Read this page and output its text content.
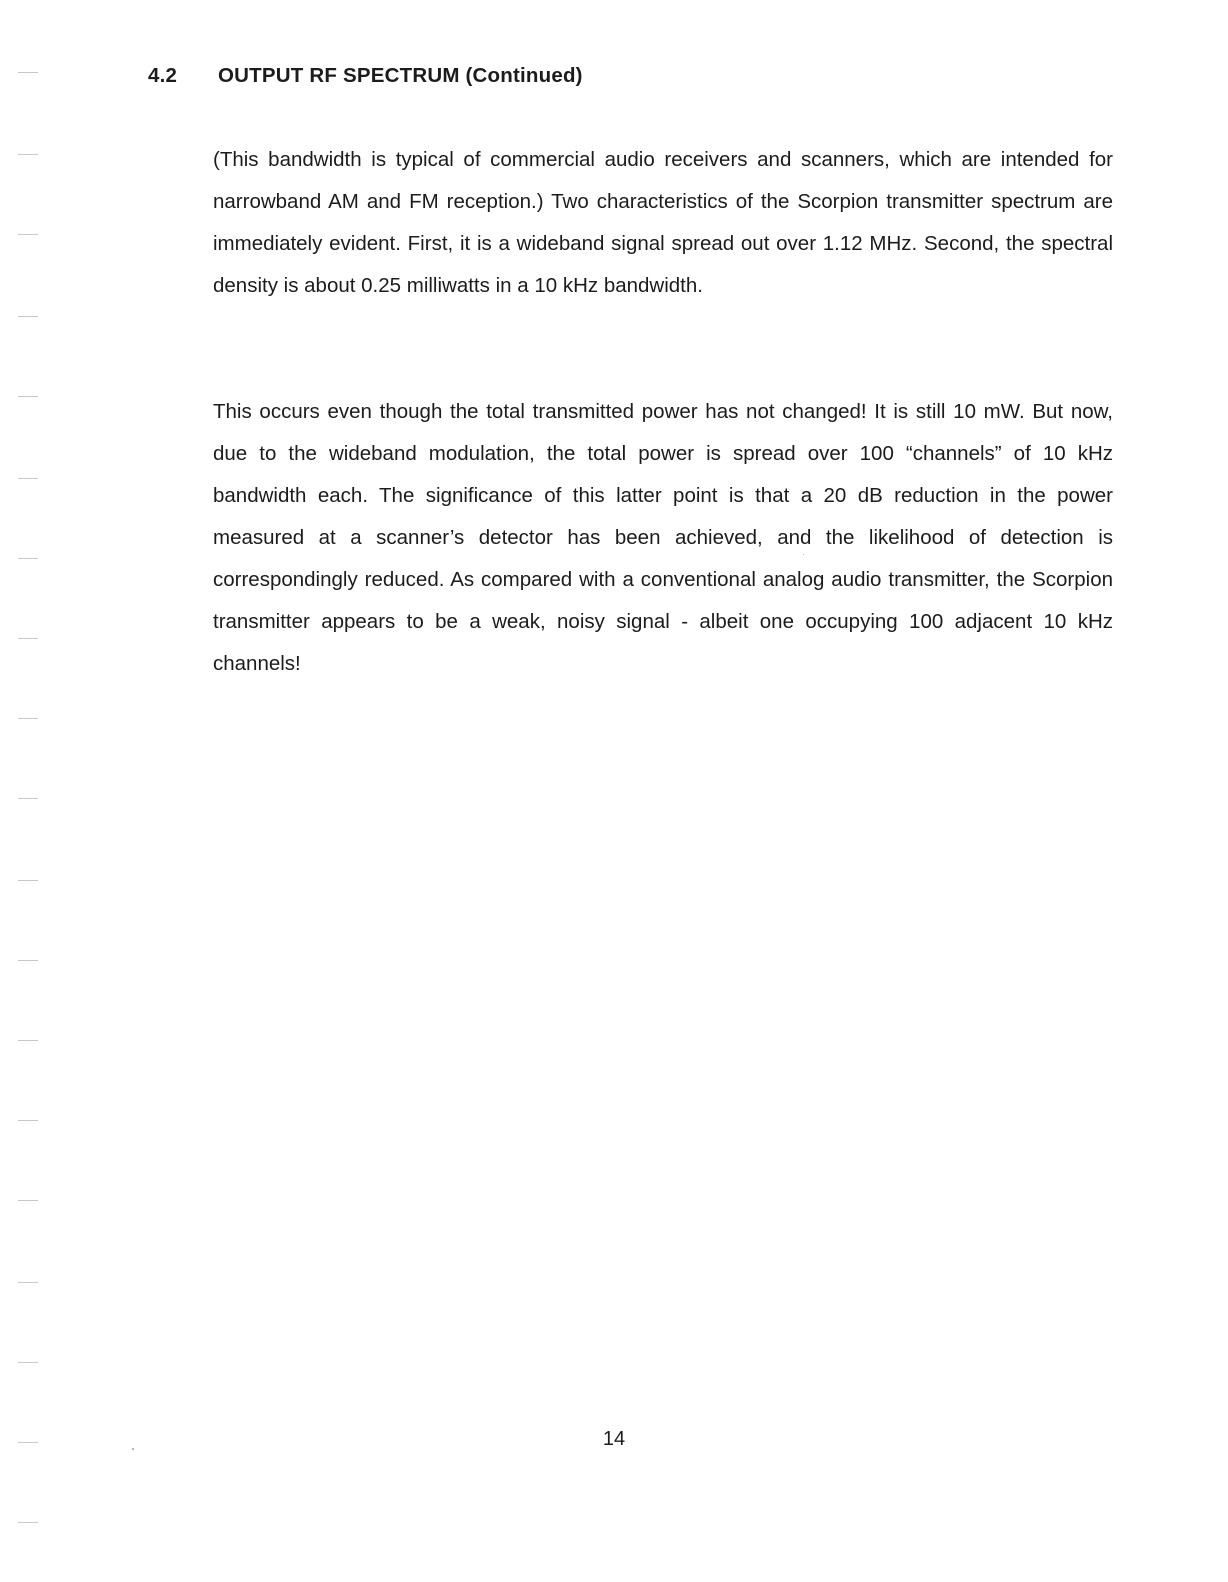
4.2 OUTPUT RF SPECTRUM (Continued)

(This bandwidth is typical of commercial audio receivers and scanners, which are intended for narrowband AM and FM reception.) Two characteristics of the Scorpion transmitter spectrum are immediately evident. First, it is a wideband signal spread out over 1.12 MHz. Second, the spectral density is about 0.25 milliwatts in a 10 kHz bandwidth.

This occurs even though the total transmitted power has not changed! It is still 10 mW. But now, due to the wideband modulation, the total power is spread over 100 “channels” of 10 kHz bandwidth each. The significance of this latter point is that a 20 dB reduction in the power measured at a scanner’s detector has been achieved, and the likelihood of detection is correspondingly reduced. As compared with a conventional analog audio transmitter, the Scorpion transmitter appears to be a weak, noisy signal - albeit one occupying 100 adjacent 10 kHz channels!

14
